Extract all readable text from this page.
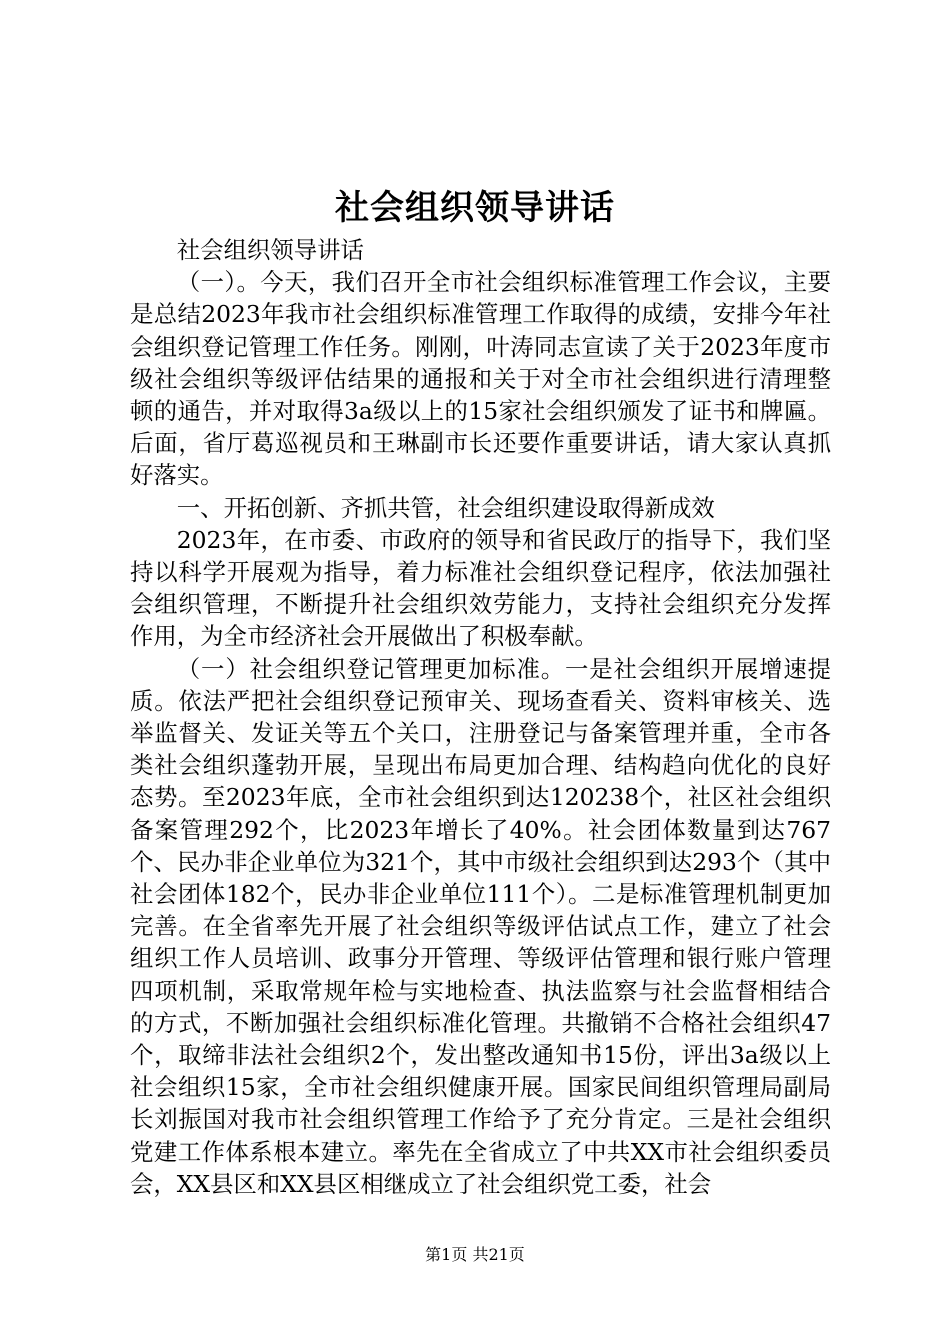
社会组织领导讲话

社会组织领导讲话

（一）。今天，我们召开全市社会组织标准管理工作会议，主要是总结2023年我市社会组织标准管理工作取得的成绩，安排今年社会组织登记管理工作任务。刚刚，叶涛同志宣读了关于2023年度市级社会组织等级评估结果的通报和关于对全市社会组织进行清理整顿的通告，并对取得3a级以上的15家社会组织颁发了证书和牌匾。后面，省厅葛巡视员和王琳副市长还要作重要讲话，请大家认真抓好落实。

一、开拓创新、齐抓共管，社会组织建设取得新成效

2023年，在市委、市政府的领导和省民政厅的指导下，我们坚持以科学开展观为指导，着力标准社会组织登记程序，依法加强社会组织管理，不断提升社会组织效劳能力，支持社会组织充分发挥作用，为全市经济社会开展做出了积极奉献。

（一）社会组织登记管理更加标准。一是社会组织开展增速提质。依法严把社会组织登记预审关、现场查看关、资料审核关、选举监督关、发证关等五个关口，注册登记与备案管理并重，全市各类社会组织蓬勃开展，呈现出布局更加合理、结构趋向优化的良好态势。至2023年底，全市社会组织到达120238个，社区社会组织备案管理292个，比2023年增长了40%。社会团体数量到达767个、民办非企业单位为321个，其中市级社会组织到达293个（其中社会团体182个，民办非企业单位111个）。二是标准管理机制更加完善。在全省率先开展了社会组织等级评估试点工作，建立了社会组织工作人员培训、政事分开管理、等级评估管理和银行账户管理四项机制，采取常规年检与实地检查、执法监察与社会监督相结合的方式，不断加强社会组织标准化管理。共撤销不合格社会组织47个，取缔非法社会组织2个，发出整改通知书15份，评出3a级以上社会组织15家，全市社会组织健康开展。国家民间组织管理局副局长刘振国对我市社会组织管理工作给予了充分肯定。三是社会组织党建工作体系根本建立。率先在全省成立了中共XX市社会组织委员会，XX县区和XX县区相继成立了社会组织党工委，社会

第1页 共21页
